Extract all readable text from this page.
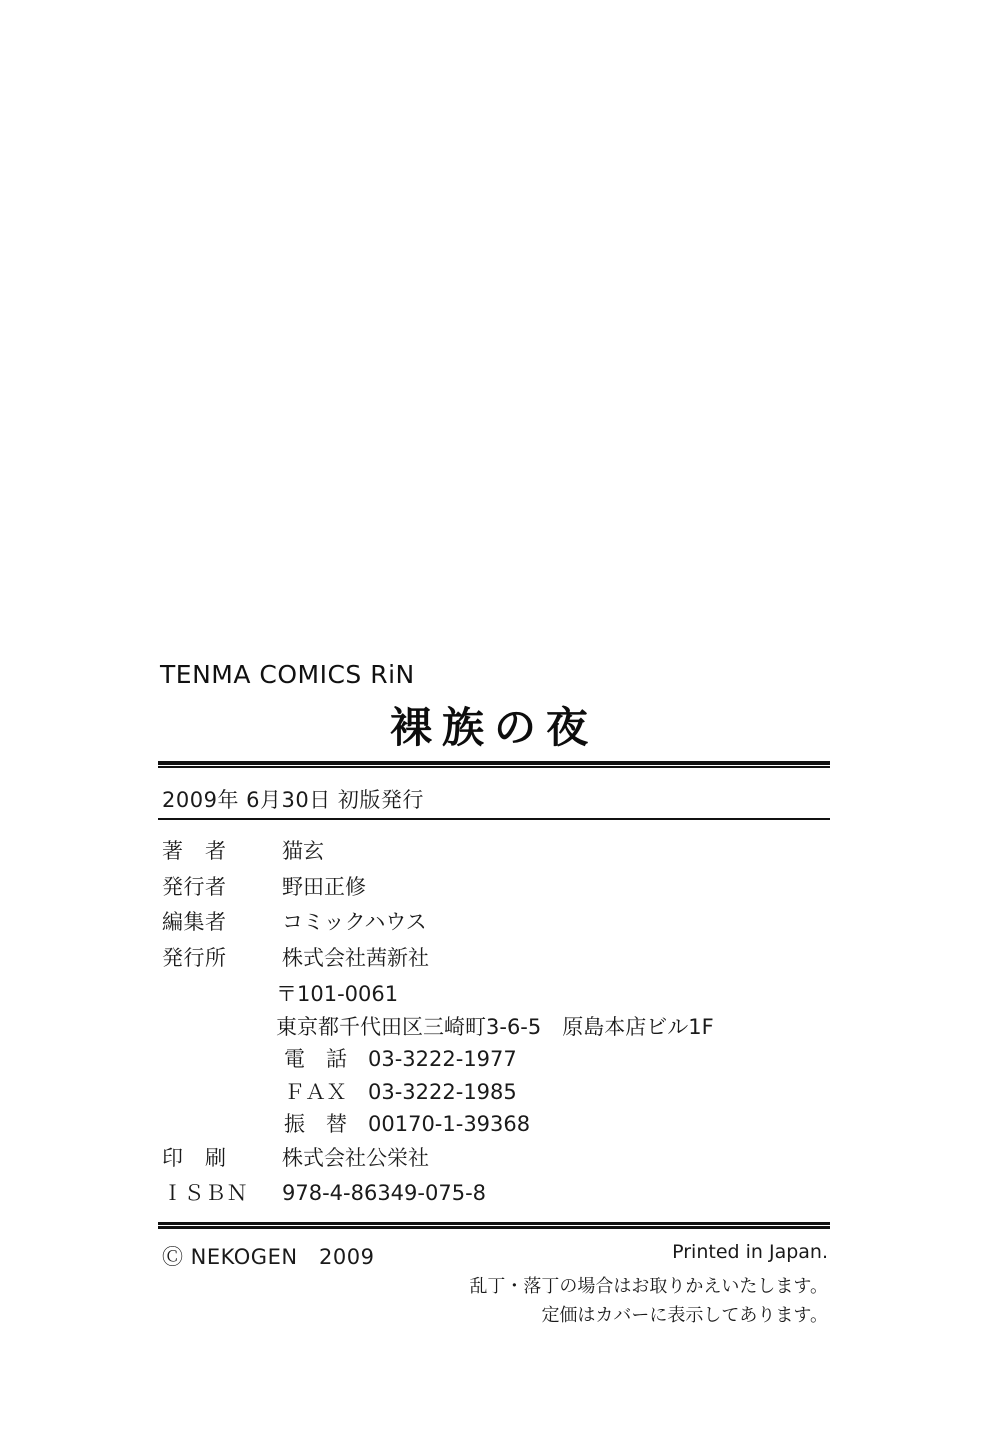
TENMA COMICS RiN
裸族の夜
2009年 6月30日 初版発行
著　者	猫玄
発行者	野田正修
編集者	コミックハウス
発行所	株式会社茜新社
〒101-0061
東京都千代田区三崎町3-6-5　原島本店ビル1F
電　話　03-3222-1977
ＦＡＸ　03-3222-1985
振　替　00170-1-39368
印　刷	株式会社公栄社
ＩＳＢＮ	978-4-86349-075-8
Ⓒ NEKOGEN　2009	Printed in Japan.
乱丁・落丁の場合はお取りかえいたします。
定価はカバーに表示してあります。
